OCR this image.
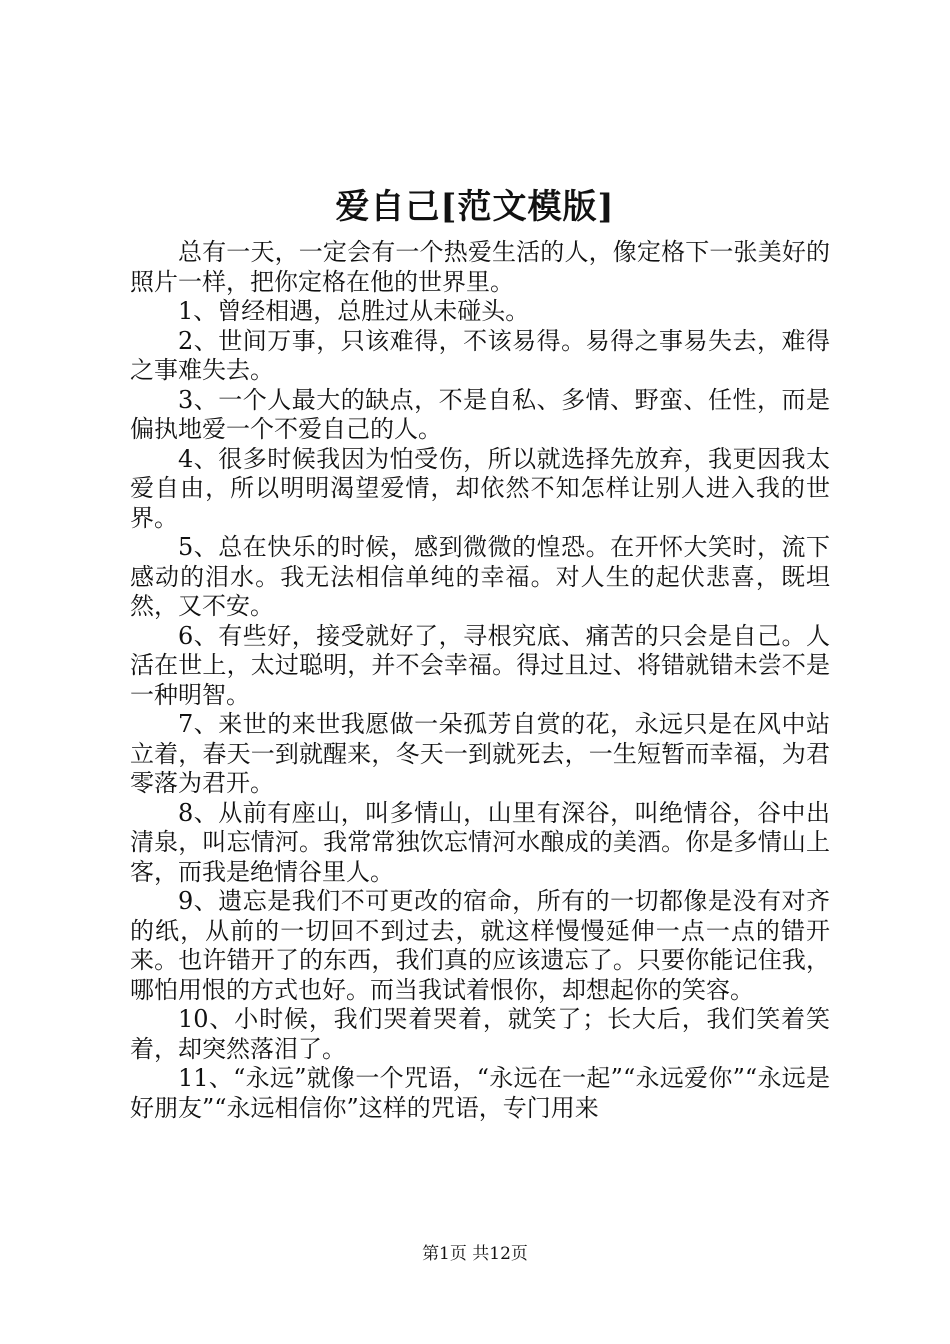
爱自己[范文模版]

总有一天，一定会有一个热爱生活的人，像定格下一张美好的照片一样，把你定格在他的世界里。

1、曾经相遇，总胜过从未碰头。

2、世间万事，只该难得，不该易得。易得之事易失去，难得之事难失去。

3、一个人最大的缺点，不是自私、多情、野蛮、任性，而是偏执地爱一个不爱自己的人。

4、很多时候我因为怕受伤，所以就选择先放弃，我更因我太爱自由，所以明明渴望爱情，却依然不知怎样让别人进入我的世界。

5、总在快乐的时候，感到微微的惶恐。在开怀大笑时，流下感动的泪水。我无法相信单纯的幸福。对人生的起伏悲喜，既坦然，又不安。

6、有些好，接受就好了，寻根究底、痛苦的只会是自己。人活在世上，太过聪明，并不会幸福。得过且过、将错就错未尝不是一种明智。

7、来世的来世我愿做一朵孤芳自赏的花，永远只是在风中站立着，春天一到就醒来，冬天一到就死去，一生短暂而幸福，为君零落为君开。

8、从前有座山，叫多情山，山里有深谷，叫绝情谷，谷中出清泉，叫忘情河。我常常独饮忘情河水酿成的美酒。你是多情山上客，而我是绝情谷里人。

9、遗忘是我们不可更改的宿命，所有的一切都像是没有对齐的纸，从前的一切回不到过去，就这样慢慢延伸一点一点的错开来。也许错开了的东西，我们真的应该遗忘了。只要你能记住我，哪怕用恨的方式也好。而当我试着恨你，却想起你的笑容。

10、小时候，我们哭着哭着，就笑了；长大后，我们笑着笑着，却突然落泪了。

11、“永远”就像一个咒语，“永远在一起”“永远爱你”“永远是好朋友”“永远相信你”这样的咒语，专门用来

第1页 共12页
